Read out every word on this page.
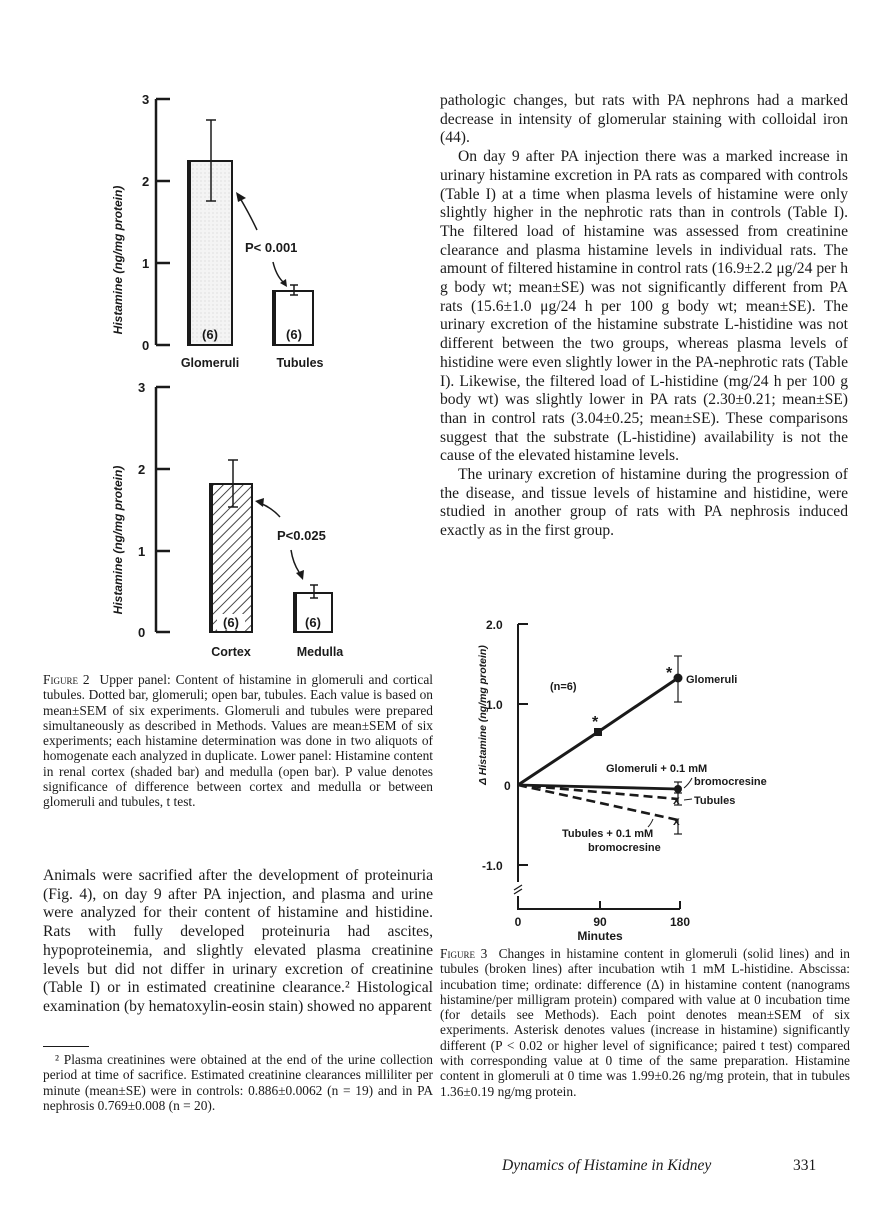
Histamine (ng/mg protein)
3
2
1
0
(6)	(6)
P< 0.001
Glomeruli	Tubules
Histamine (ng/mg protein)
3
2
1
0
(6)	(6)
P<0.025
Cortex	Medulla
Figure 2 Upper panel: Content of histamine in glomeruli and cortical tubules. Dotted bar, glomeruli; open bar, tubules. Each value is based on mean±SEM of six experiments. Glomeruli and tubules were prepared simultaneously as described in Methods. Values are mean±SEM of six experiments; each histamine determination was done in two aliquots of homogenate each analyzed in duplicate. Lower panel: Histamine content in renal cortex (shaded bar) and medulla (open bar). P value denotes significance of difference between cortex and medulla or between glomeruli and tubules, t test.

Animals were sacrified after the development of proteinuria (Fig. 4), on day 9 after PA injection, and plasma and urine were analyzed for their content of histamine and histidine. Rats with fully developed proteinuria had ascites, hypoproteinemia, and slightly elevated plasma creatinine levels but did not differ in urinary excretion of creatinine (Table I) or in estimated creatinine clearance.² Histological examination (by hematoxylin-eosin stain) showed no apparent

² Plasma creatinines were obtained at the end of the urine collection period at time of sacrifice. Estimated creatinine clearances milliliter per minute (mean±SE) were in controls: 0.886±0.0062 (n = 19) and in PA nephrosis 0.769±0.008 (n = 20).

pathologic changes, but rats with PA nephrons had a marked decrease in intensity of glomerular staining with colloidal iron (44).

On day 9 after PA injection there was a marked increase in urinary histamine excretion in PA rats as compared with controls (Table I) at a time when plasma levels of histamine were only slightly higher in the nephrotic rats than in controls (Table I). The filtered load of histamine was assessed from creatinine clearance and plasma histamine levels in individual rats. The amount of filtered histamine in control rats (16.9±2.2 μg/24 per h g body wt; mean±SE) was not significantly different from PA rats (15.6±1.0 μg/24 h per 100 g body wt; mean±SE). The urinary excretion of the histamine substrate L-histidine was not different between the two groups, whereas plasma levels of histidine were even slightly lower in the PA-nephrotic rats (Table I). Likewise, the filtered load of L-histidine (mg/24 h per 100 g body wt) was slightly lower in PA rats (2.30±0.21; mean±SE) than in control rats (3.04±0.25; mean±SE). These comparisons suggest that the substrate (L-histidine) availability is not the cause of the elevated histamine levels.

The urinary excretion of histamine during the progression of the disease, and tissue levels of histamine and histidine, were studied in another group of rats with PA nephrosis induced exactly as in the first group.

Δ Histamine (ng/mg protein)
2.0
1.0
0
-1.0
0	90	180
Minutes
(n=6)
*
* Glomeruli
Glomeruli + 0.1 mM
bromocresine
x Tubules
x
Tubules + 0.1 mM
bromocresine
Figure 3 Changes in histamine content in glomeruli (solid lines) and in tubules (broken lines) after incubation wtih 1 mM L-histidine. Abscissa: incubation time; ordinate: difference (Δ) in histamine content (nanograms histamine/per milligram protein) compared with value at 0 incubation time (for details see Methods). Each point denotes mean±SEM of six experiments. Asterisk denotes values (increase in histamine) significantly different (P < 0.02 or higher level of significance; paired t test) compared with corresponding value at 0 time of the same preparation. Histamine content in glomeruli at 0 time was 1.99±0.26 ng/mg protein, that in tubules 1.36±0.19 ng/mg protein.
Dynamics of Histamine in Kidney	331
